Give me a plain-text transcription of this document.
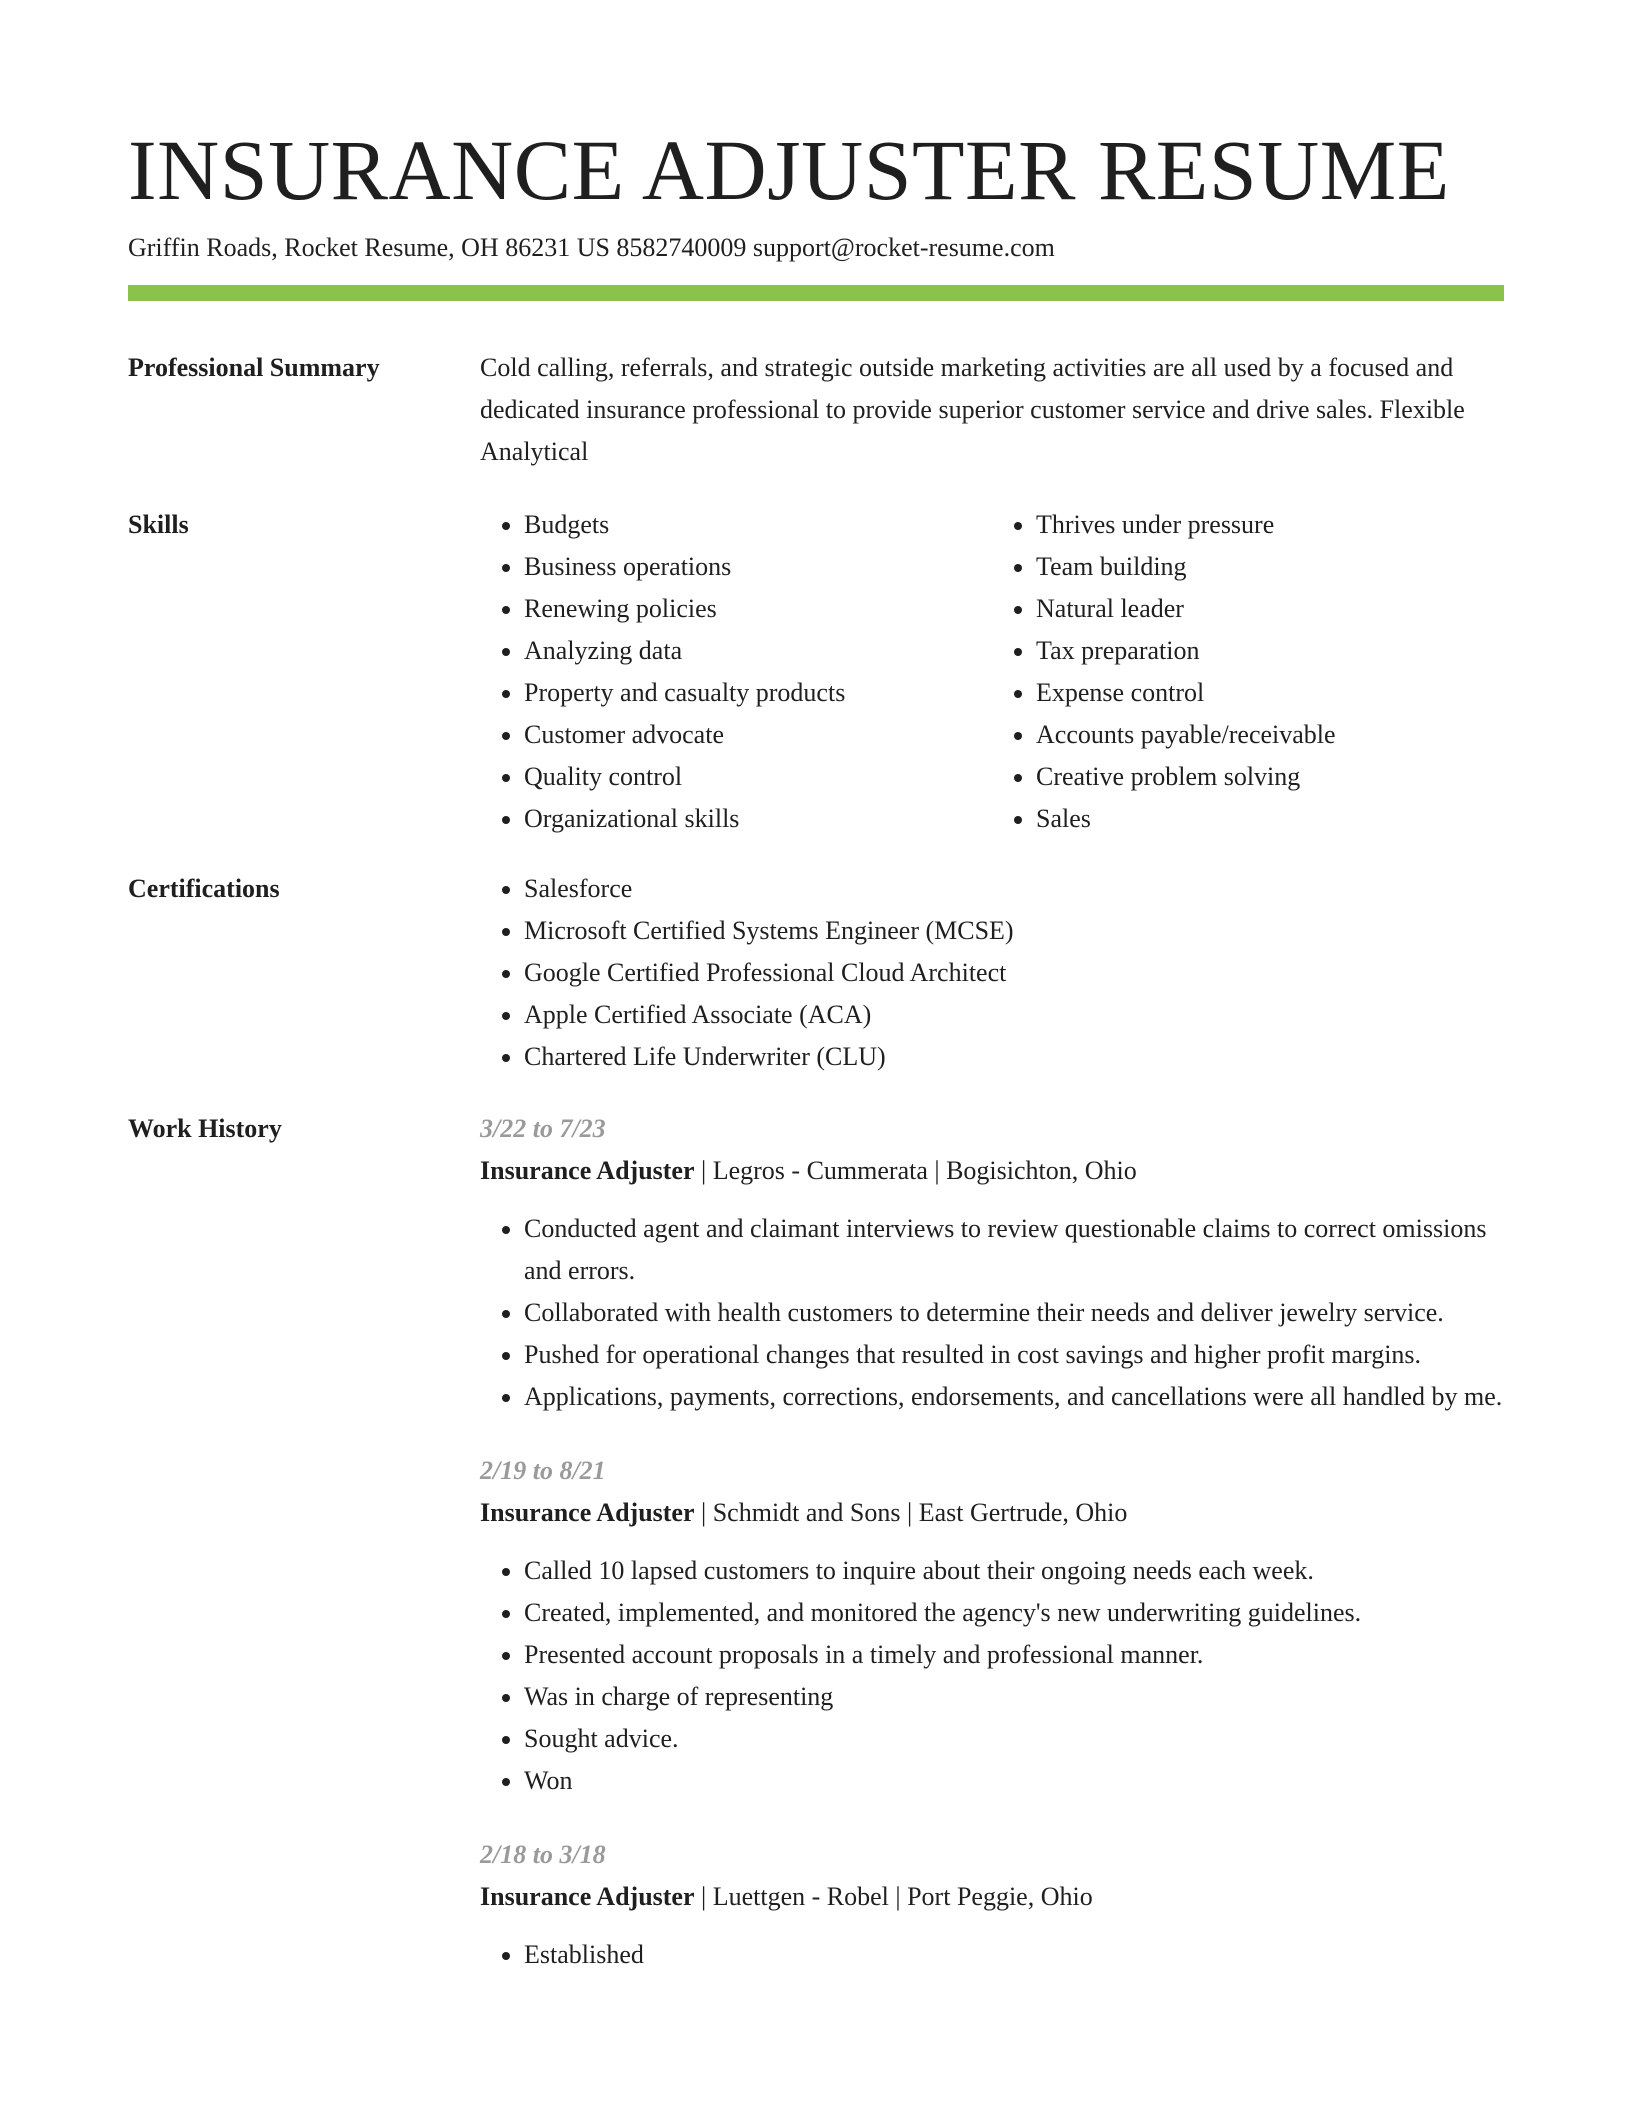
INSURANCE ADJUSTER RESUME
Griffin Roads, Rocket Resume, OH 86231 US 8582740009 support@rocket-resume.com
Professional Summary	Cold calling, referrals, and strategic outside marketing activities are all used by a focused and dedicated insurance professional to provide superior customer service and drive sales. Flexible Analytical

Skills	• Budgets
• Business operations
• Renewing policies
• Analyzing data
• Property and casualty products
• Customer advocate
• Quality control
• Organizational skills
• Thrives under pressure
• Team building
• Natural leader
• Tax preparation
• Expense control
• Accounts payable/receivable
• Creative problem solving
• Sales
Certifications	• Salesforce
• Microsoft Certified Systems Engineer (MCSE)
• Google Certified Professional Cloud Architect
• Apple Certified Associate (ACA)
• Chartered Life Underwriter (CLU)
Work History	3/22 to 7/23
Insurance Adjuster | Legros - Cummerata | Bogisichton, Ohio
• Conducted agent and claimant interviews to review questionable claims to correct omissions and errors.
• Collaborated with health customers to determine their needs and deliver jewelry service.
• Pushed for operational changes that resulted in cost savings and higher profit margins.
• Applications, payments, corrections, endorsements, and cancellations were all handled by me.
2/19 to 8/21
Insurance Adjuster | Schmidt and Sons | East Gertrude, Ohio
• Called 10 lapsed customers to inquire about their ongoing needs each week.
• Created, implemented, and monitored the agency's new underwriting guidelines.
• Presented account proposals in a timely and professional manner.
• Was in charge of representing
• Sought advice.
• Won
2/18 to 3/18
Insurance Adjuster | Luettgen - Robel | Port Peggie, Ohio
• Established
